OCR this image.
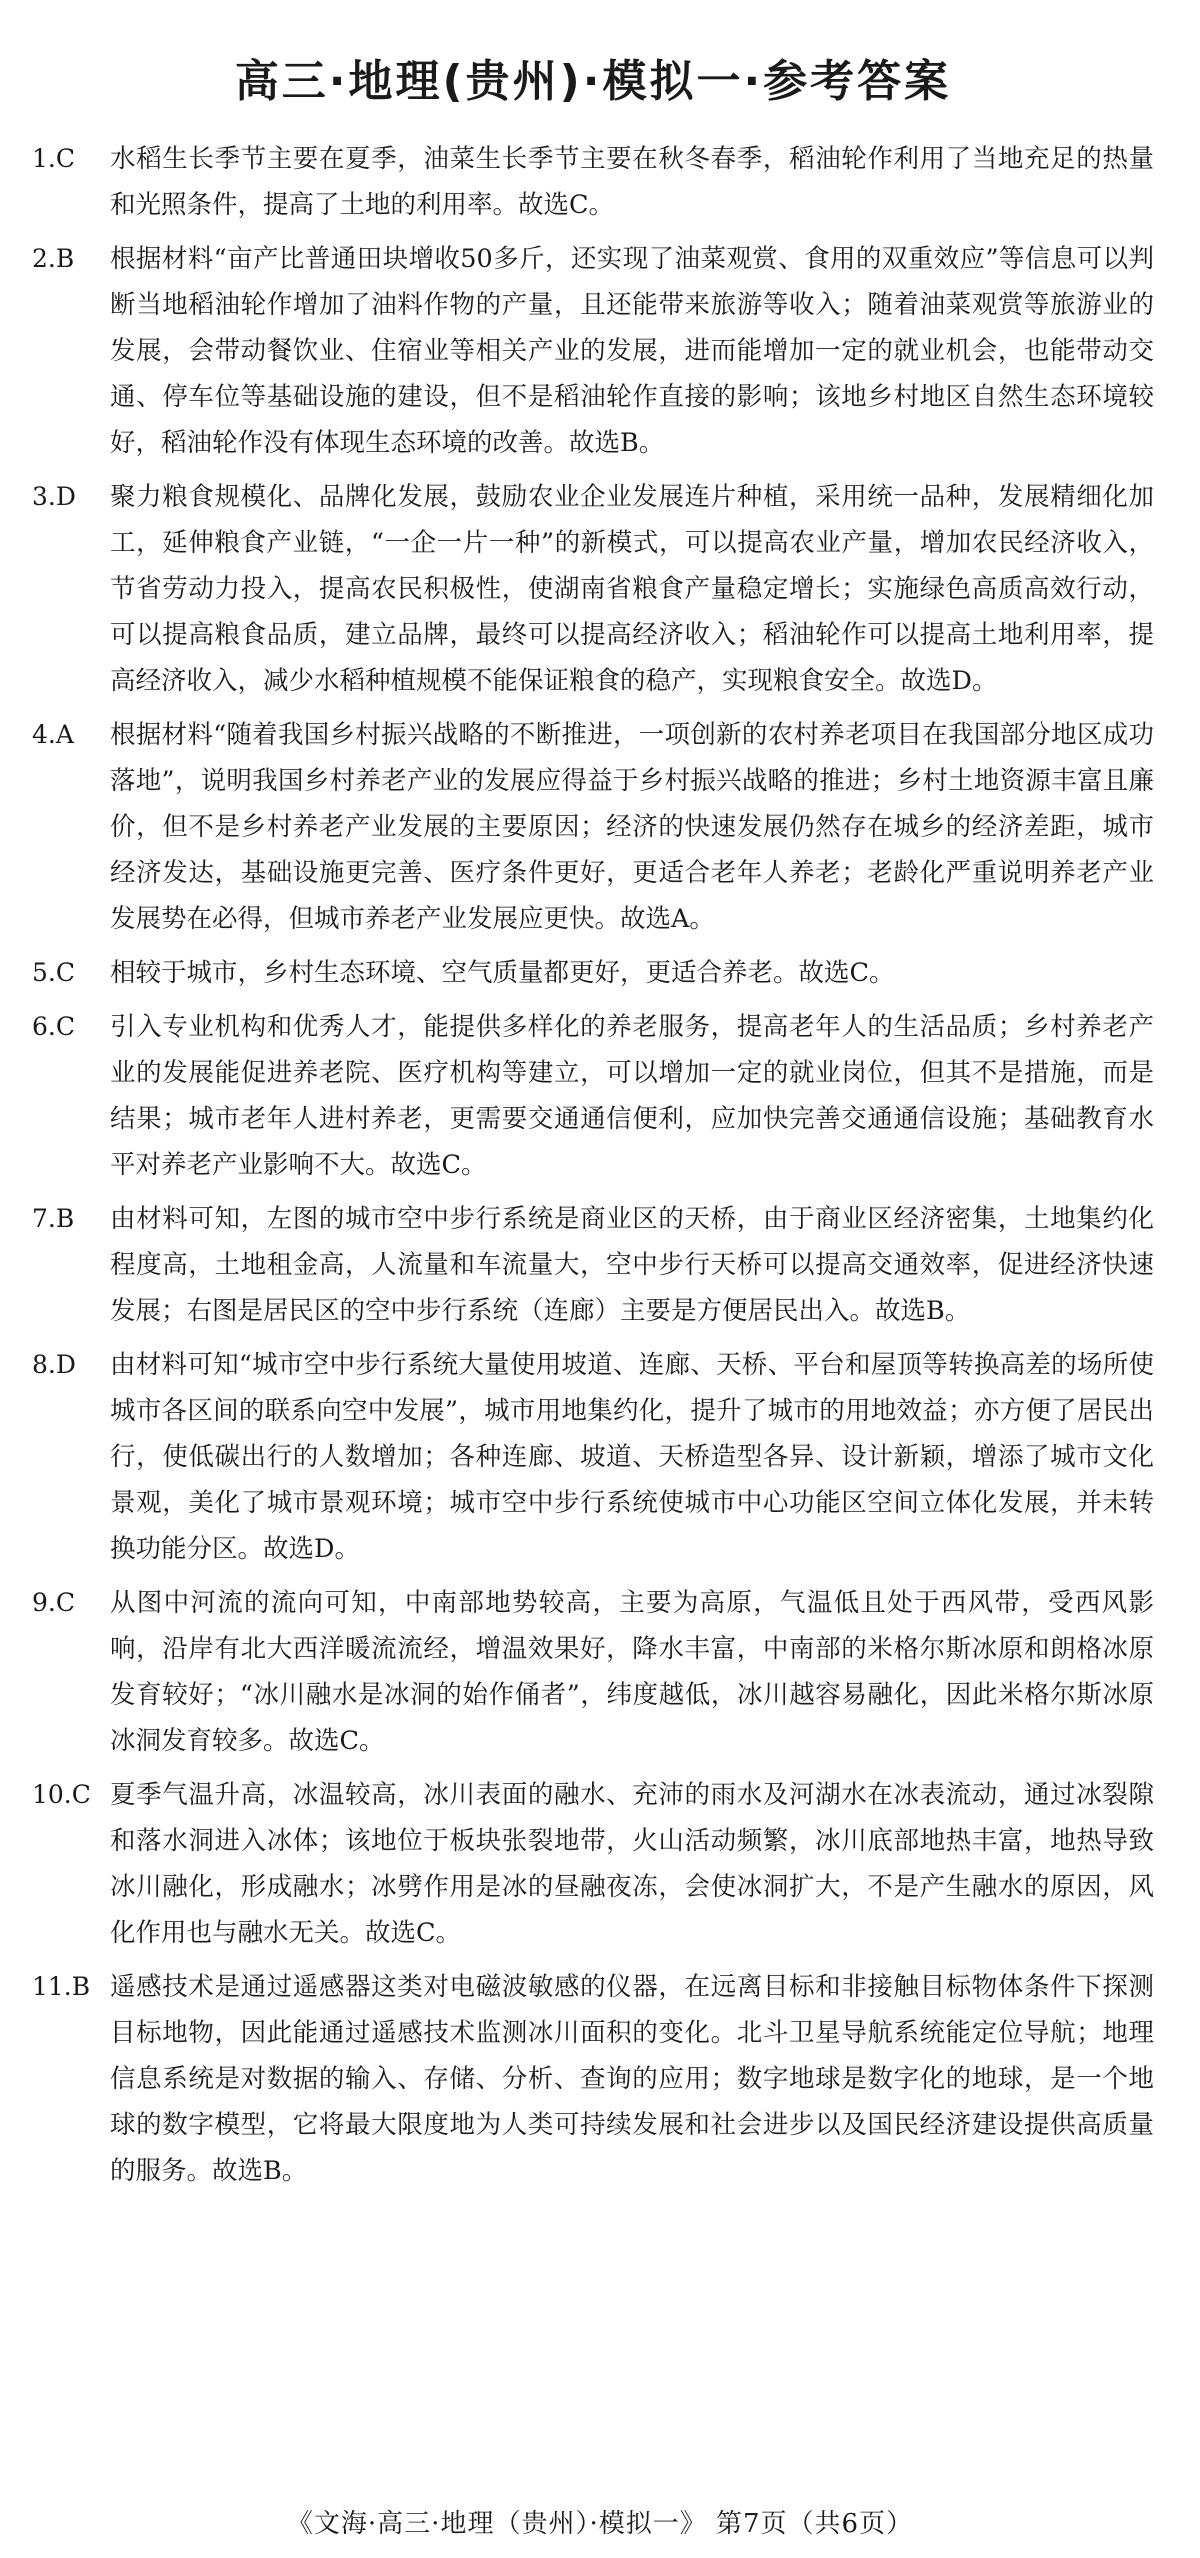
高三·地理(贵州)·模拟一·参考答案
1.C	水稻生长季节主要在夏季，油菜生长季节主要在秋冬春季，稻油轮作利用了当地充足的热量和光照条件，提高了土地的利用率。故选C。

2.B	根据材料“亩产比普通田块增收50多斤，还实现了油菜观赏、食用的双重效应”等信息可以判断当地稻油轮作增加了油料作物的产量，且还能带来旅游等收入；随着油菜观赏等旅游业的发展，会带动餐饮业、住宿业等相关产业的发展，进而能增加一定的就业机会，也能带动交通、停车位等基础设施的建设，但不是稻油轮作直接的影响；该地乡村地区自然生态环境较好，稻油轮作没有体现生态环境的改善。故选B。

3.D	聚力粮食规模化、品牌化发展，鼓励农业企业发展连片种植，采用统一品种，发展精细化加工，延伸粮食产业链，“一企一片一种”的新模式，可以提高农业产量，增加农民经济收入，节省劳动力投入，提高农民积极性，使湖南省粮食产量稳定增长；实施绿色高质高效行动，可以提高粮食品质，建立品牌，最终可以提高经济收入；稻油轮作可以提高土地利用率，提高经济收入，减少水稻种植规模不能保证粮食的稳产，实现粮食安全。故选D。

4.A	根据材料“随着我国乡村振兴战略的不断推进，一项创新的农村养老项目在我国部分地区成功落地”，说明我国乡村养老产业的发展应得益于乡村振兴战略的推进；乡村土地资源丰富且廉价，但不是乡村养老产业发展的主要原因；经济的快速发展仍然存在城乡的经济差距，城市经济发达，基础设施更完善、医疗条件更好，更适合老年人养老；老龄化严重说明养老产业发展势在必得，但城市养老产业发展应更快。故选A。

5.C	相较于城市，乡村生态环境、空气质量都更好，更适合养老。故选C。

6.C	引入专业机构和优秀人才，能提供多样化的养老服务，提高老年人的生活品质；乡村养老产业的发展能促进养老院、医疗机构等建立，可以增加一定的就业岗位，但其不是措施，而是结果；城市老年人进村养老，更需要交通通信便利，应加快完善交通通信设施；基础教育水平对养老产业影响不大。故选C。

7.B	由材料可知，左图的城市空中步行系统是商业区的天桥，由于商业区经济密集，土地集约化程度高，土地租金高，人流量和车流量大，空中步行天桥可以提高交通效率，促进经济快速发展；右图是居民区的空中步行系统（连廊）主要是方便居民出入。故选B。

8.D	由材料可知“城市空中步行系统大量使用坡道、连廊、天桥、平台和屋顶等转换高差的场所使城市各区间的联系向空中发展”，城市用地集约化，提升了城市的用地效益；亦方便了居民出行，使低碳出行的人数增加；各种连廊、坡道、天桥造型各异、设计新颖，增添了城市文化景观，美化了城市景观环境；城市空中步行系统使城市中心功能区空间立体化发展，并未转换功能分区。故选D。

9.C	从图中河流的流向可知，中南部地势较高，主要为高原，气温低且处于西风带，受西风影响，沿岸有北大西洋暖流流经，增温效果好，降水丰富，中南部的米格尔斯冰原和朗格冰原发育较好；“冰川融水是冰洞的始作俑者”，纬度越低，冰川越容易融化，因此米格尔斯冰原冰洞发育较多。故选C。

10.C 夏季气温升高，冰温较高，冰川表面的融水、充沛的雨水及河湖水在冰表流动，通过冰裂隙和落水洞进入冰体；该地位于板块张裂地带，火山活动频繁，冰川底部地热丰富，地热导致冰川融化，形成融水；冰劈作用是冰的昼融夜冻，会使冰洞扩大，不是产生融水的原因，风化作用也与融水无关。故选C。

11.B 遥感技术是通过遥感器这类对电磁波敏感的仪器，在远离目标和非接触目标物体条件下探测目标地物，因此能通过遥感技术监测冰川面积的变化。北斗卫星导航系统能定位导航；地理信息系统是对数据的输入、存储、分析、查询的应用；数字地球是数字化的地球，是一个地球的数字模型，它将最大限度地为人类可持续发展和社会进步以及国民经济建设提供高质量的服务。故选B。

《文海·高三·地理（贵州）·模拟一》 第7页（共6页）
